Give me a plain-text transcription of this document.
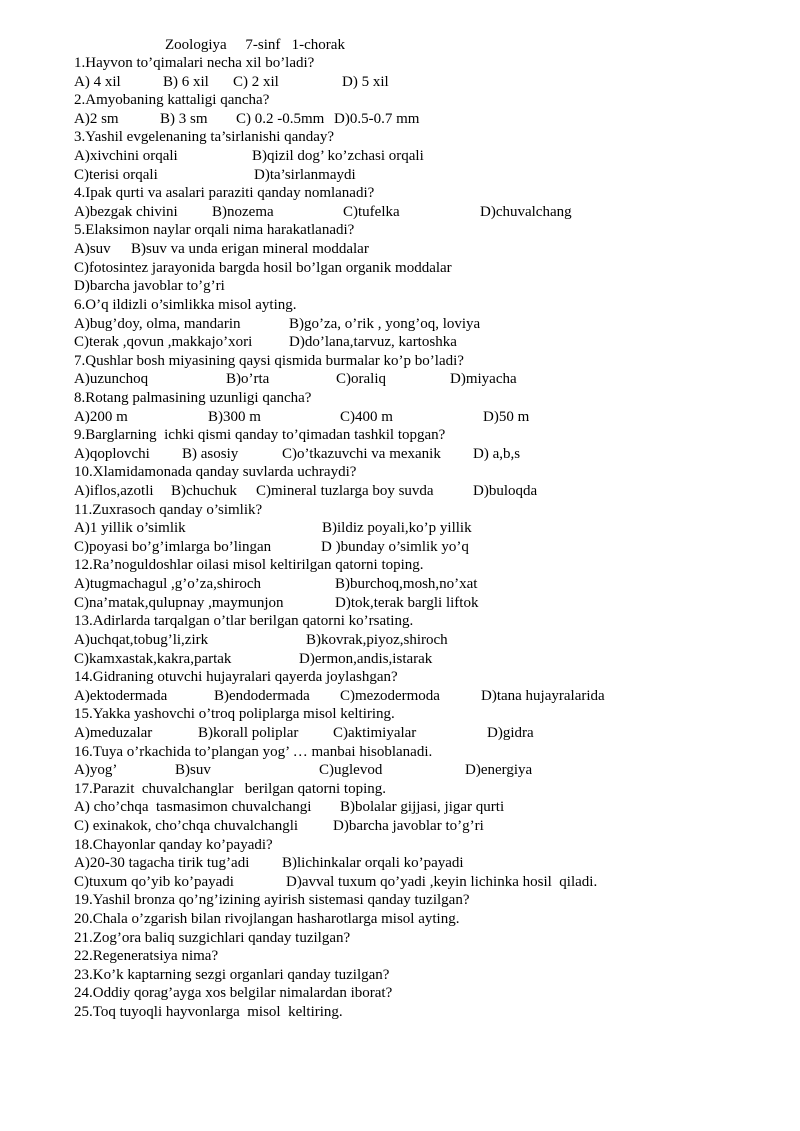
Zoologiya     7-sinf   1-chorak
1.Hayvon to’qimalari necha xil bo’ladi?
A) 4 xil	B) 6 xil C) 2 xil	D) 5 xil
2.Amyobaning kattaligi qancha?
A)2 sm	B) 3 sm C) 0.2 -0.5mm D)0.5-0.7 mm
3.Yashil evgelenaning ta’sirlanishi qanday?
A)xivchini orqali	B)qizil dog’ ko’zchasi orqali
C)terisi orqali	D)ta’sirlanmaydi
4.Ipak qurti va asalari paraziti qanday nomlanadi?
A)bezgak chivini B)nozema	C)tufelka	D)chuvalchang
5.Elaksimon naylar orqali nima harakatlanadi?
A)suv B)suv va unda erigan mineral moddalar
C)fotosintez jarayonida bargda hosil bo’lgan organik moddalar
D)barcha javoblar to’g’ri
6.O’q ildizli o’simlikka misol ayting.
A)bug’doy, olma, mandarin	B)go’za, o’rik , yong’oq, loviya
C)terak ,qovun ,makkajo’xori D)do’lana,tarvuz, kartoshka
7.Qushlar bosh miyasining qaysi qismida burmalar ko’p bo’ladi?
A)uzunchoq	B)o’rta	C)oraliq	D)miyacha
8.Rotang palmasining uzunligi qancha?
A)200 m	B)300 m	C)400 m	D)50 m
9.Barglarning  ichki qismi qanday to’qimadan tashkil topgan?
A)qoplovchi B) asosiy	C)o’tkazuvchi va mexanik D) a,b,s
10.Xlamidamonada qanday suvlarda uchraydi?
A)iflos,azotli B)chuchuk C)mineral tuzlarga boy suvda	D)buloqda
11.Zuxrasoch qanday o’simlik?
A)1 yillik o’simlik	B)ildiz poyali,ko’p yillik
C)poyasi bo’g’imlarga bo’lingan	D )bunday o’simlik yo’q
12.Ra’noguldoshlar oilasi misol keltirilgan qatorni toping.
A)tugmachagul ,g’o’za,shiroch	B)burchoq,mosh,no’xat
C)na’matak,qulupnay ,maymunjon	D)tok,terak bargli liftok
13.Adirlarda tarqalgan o’tlar berilgan qatorni ko’rsating.
A)uchqat,tobug’li,zirk	B)kovrak,piyoz,shiroch
C)kamxastak,kakra,partak	D)ermon,andis,istarak
14.Gidraning otuvchi hujayralari qayerda joylashgan?
A)ektodermada	B)endodermada C)mezodermoda	D)tana hujayralarida
15.Yakka yashovchi o’troq poliplarga misol keltiring.
A)meduzalar	B)korall poliplar C)aktimiyalar	D)gidra
16.Tuya o’rkachida to’plangan yog’ … manbai hisoblanadi.
A)yog’	B)suv	C)uglevod	D)energiya
17.Parazit  chuvalchanglar   berilgan qatorni toping.
A) cho’chqa  tasmasimon chuvalchangi B)bolalar gijjasi, jigar qurti
C) exinakok, cho’chqa chuvalchangli D)barcha javoblar to’g’ri
18.Chayonlar qanday ko’payadi?
A)20-30 tagacha tirik tug’adi B)lichinkalar orqali ko’payadi
C)tuxum qo’yib ko’payadi	D)avval tuxum qo’yadi ,keyin lichinka hosil  qiladi.
19.Yashil bronza qo’ng’izining ayirish sistemasi qanday tuzilgan?
20.Chala o’zgarish bilan rivojlangan hasharotlarga misol ayting.
21.Zog’ora baliq suzgichlari qanday tuzilgan?
22.Regeneratsiya nima?
23.Ko’k kaptarning sezgi organlari qanday tuzilgan?
24.Oddiy qorag’ayga xos belgilar nimalardan iborat?
25.Toq tuyoqli hayvonlarga  misol  keltiring.
